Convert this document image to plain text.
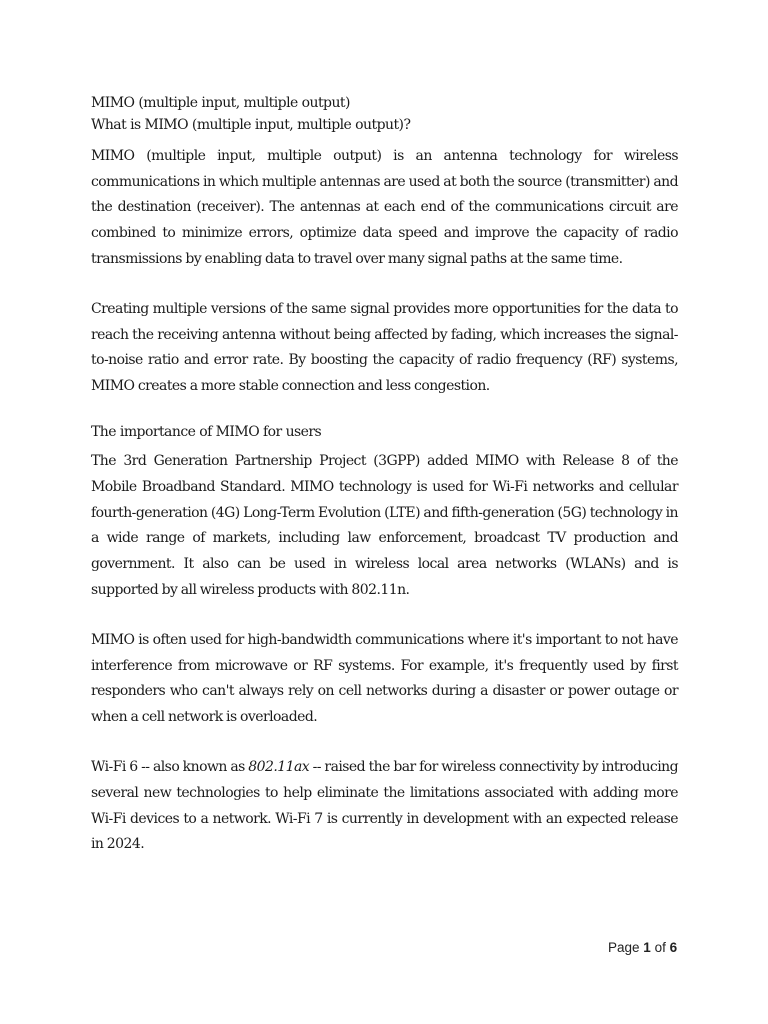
MIMO (multiple input, multiple output)

What is MIMO (multiple input, multiple output)?

MIMO (multiple input, multiple output) is an antenna technology for wireless communications in which multiple antennas are used at both the source (transmitter) and the destination (receiver). The antennas at each end of the communications circuit are combined to minimize errors, optimize data speed and improve the capacity of radio transmissions by enabling data to travel over many signal paths at the same time.

Creating multiple versions of the same signal provides more opportunities for the data to reach the receiving antenna without being affected by fading, which increases the signal-to-noise ratio and error rate. By boosting the capacity of radio frequency (RF) systems, MIMO creates a more stable connection and less congestion.

The importance of MIMO for users

The 3rd Generation Partnership Project (3GPP) added MIMO with Release 8 of the Mobile Broadband Standard. MIMO technology is used for Wi-Fi networks and cellular fourth-generation (4G) Long-Term Evolution (LTE) and fifth-generation (5G) technology in a wide range of markets, including law enforcement, broadcast TV production and government. It also can be used in wireless local area networks (WLANs) and is supported by all wireless products with 802.11n.

MIMO is often used for high-bandwidth communications where it's important to not have interference from microwave or RF systems. For example, it's frequently used by first responders who can't always rely on cell networks during a disaster or power outage or when a cell network is overloaded.

Wi-Fi 6 -- also known as 802.11ax -- raised the bar for wireless connectivity by introducing several new technologies to help eliminate the limitations associated with adding more Wi-Fi devices to a network. Wi-Fi 7 is currently in development with an expected release in 2024.

Page 1 of 6
